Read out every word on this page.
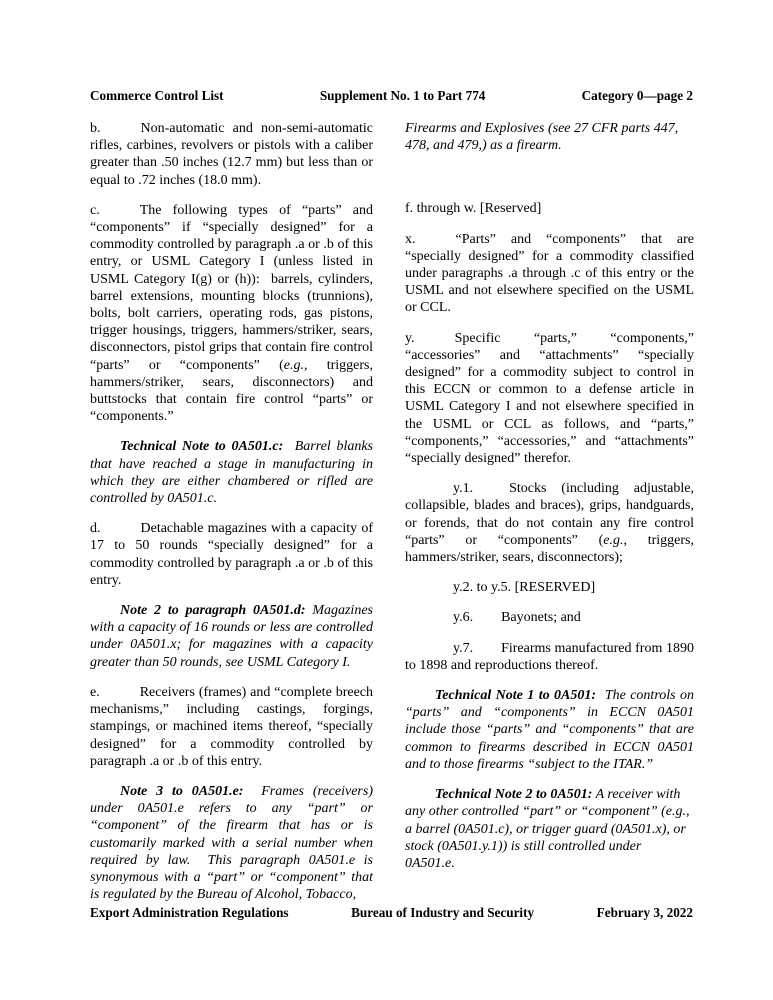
Commerce Control List	Supplement No. 1 to Part 774	Category 0—page 2

b.	Non-automatic and non-semi-automatic rifles, carbines, revolvers or pistols with a caliber greater than .50 inches (12.7 mm) but less than or equal to .72 inches (18.0 mm).

c.	The following types of “parts” and “components” if “specially designed” for a commodity controlled by paragraph .a or .b of this entry, or USML Category I (unless listed in USML Category I(g) or (h)):  barrels, cylinders, barrel extensions, mounting blocks (trunnions), bolts, bolt carriers, operating rods, gas pistons, trigger housings, triggers, hammers/striker, sears, disconnectors, pistol grips that contain fire control “parts” or “components” (e.g., triggers, hammers/striker, sears, disconnectors) and buttstocks that contain fire control “parts” or “components.”

Technical Note to 0A501.c:  Barrel blanks that have reached a stage in manufacturing in which they are either chambered or rifled are controlled by 0A501.c.

d.	Detachable magazines with a capacity of 17 to 50 rounds “specially designed” for a commodity controlled by paragraph .a or .b of this entry.

Note 2 to paragraph 0A501.d: Magazines with a capacity of 16 rounds or less are controlled under 0A501.x; for magazines with a capacity greater than 50 rounds, see USML Category I.

e.	Receivers (frames) and “complete breech mechanisms,” including castings, forgings, stampings, or machined items thereof, “specially designed” for a commodity controlled by paragraph .a or .b of this entry.

Note 3 to 0A501.e:  Frames (receivers) under 0A501.e refers to any “part” or “component” of the firearm that has or is customarily marked with a serial number when required by law.  This paragraph 0A501.e is synonymous with a “part” or “component” that is regulated by the Bureau of Alcohol, Tobacco,

Firearms and Explosives (see 27 CFR parts 447, 478, and 479,) as a firearm.

f. through w. [Reserved]

x.	“Parts” and “components” that are “specially designed” for a commodity classified under paragraphs .a through .c of this entry or the USML and not elsewhere specified on the USML or CCL.

y.	Specific “parts,” “components,” “accessories” and “attachments” “specially designed” for a commodity subject to control in this ECCN or common to a defense article in USML Category I and not elsewhere specified in the USML or CCL as follows, and “parts,” “components,” “accessories,” and “attachments” “specially designed” therefor.

y.1.	Stocks (including adjustable, collapsible, blades and braces), grips, handguards, or forends, that do not contain any fire control “parts” or “components” (e.g., triggers, hammers/striker, sears, disconnectors);

y.2. to y.5. [RESERVED]

y.6. Bayonets; and

y.7. Firearms manufactured from 1890 to 1898 and reproductions thereof.

Technical Note 1 to 0A501:  The controls on “parts” and “components” in ECCN 0A501 include those “parts” and “components” that are common to firearms described in ECCN 0A501 and to those firearms “subject to the ITAR.”

Technical Note 2 to 0A501: A receiver with any other controlled “part” or “component” (e.g., a barrel (0A501.c), or trigger guard (0A501.x), or stock (0A501.y.1)) is still controlled under 0A501.e.

Export Administration Regulations	Bureau of Industry and Security	February 3, 2022
